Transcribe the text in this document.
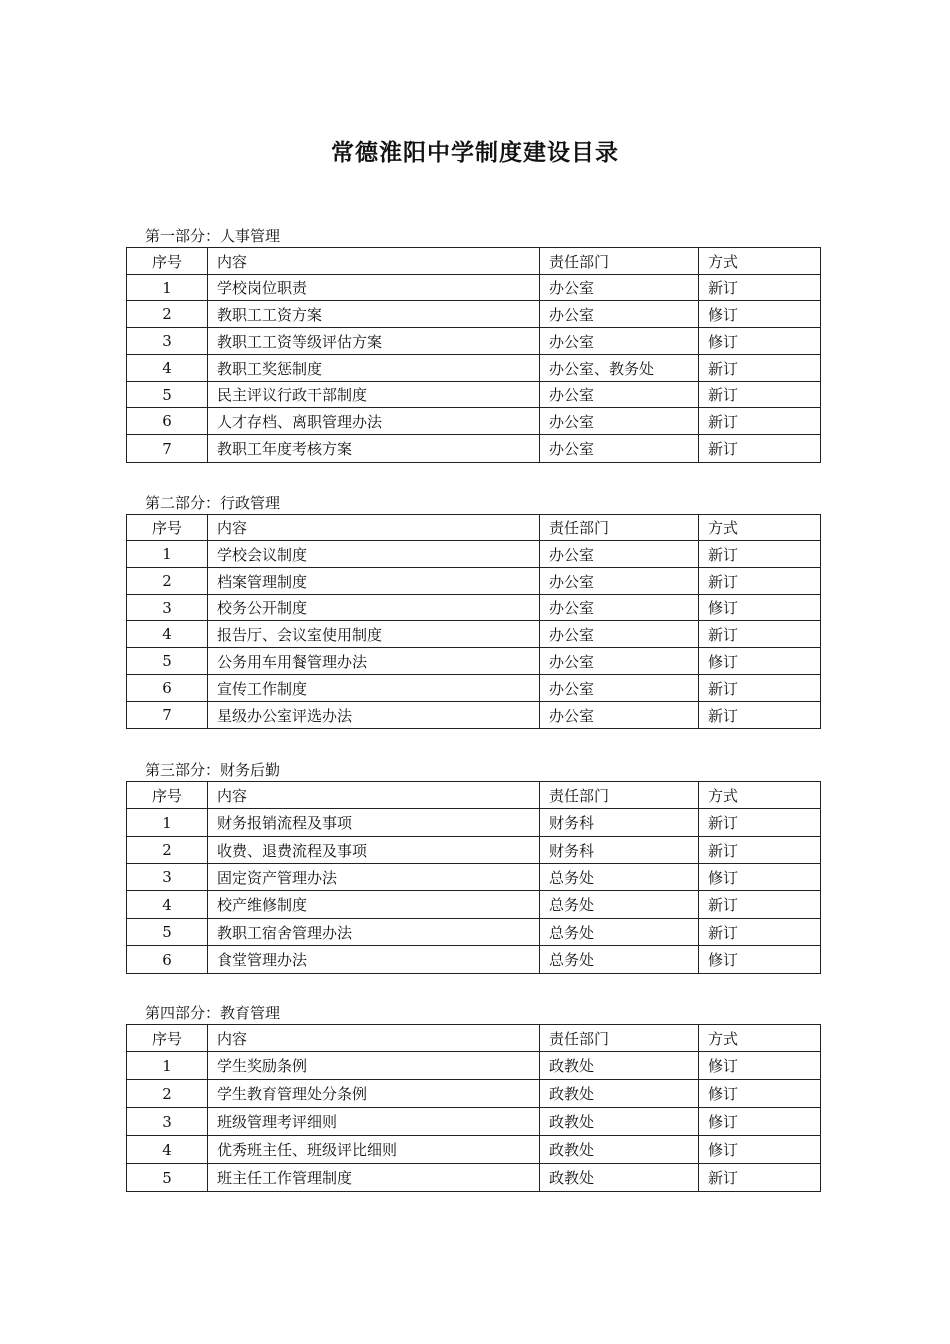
常德淮阳中学制度建设目录
第一部分：人事管理
序号	内容	责任部门	方式
1	学校岗位职责	办公室	新订
2	教职工工资方案	办公室	修订
3	教职工工资等级评估方案	办公室	修订
4	教职工奖惩制度	办公室、教务处	新订
5	民主评议行政干部制度	办公室	新订
6	人才存档、离职管理办法	办公室	新订
7	教职工年度考核方案	办公室	新订
第二部分：行政管理
序号	内容	责任部门	方式
1	学校会议制度	办公室	新订
2	档案管理制度	办公室	新订
3	校务公开制度	办公室	修订
4	报告厅、会议室使用制度	办公室	新订
5	公务用车用餐管理办法	办公室	修订
6	宣传工作制度	办公室	新订
7	星级办公室评选办法	办公室	新订
第三部分：财务后勤
序号	内容	责任部门	方式
1	财务报销流程及事项	财务科	新订
2	收费、退费流程及事项	财务科	新订
3	固定资产管理办法	总务处	修订
4	校产维修制度	总务处	新订
5	教职工宿舍管理办法	总务处	新订
6	食堂管理办法	总务处	修订
第四部分：教育管理
序号	内容	责任部门	方式
1	学生奖励条例	政教处	修订
2	学生教育管理处分条例	政教处	修订
3	班级管理考评细则	政教处	修订
4	优秀班主任、班级评比细则	政教处	修订
5	班主任工作管理制度	政教处	新订
